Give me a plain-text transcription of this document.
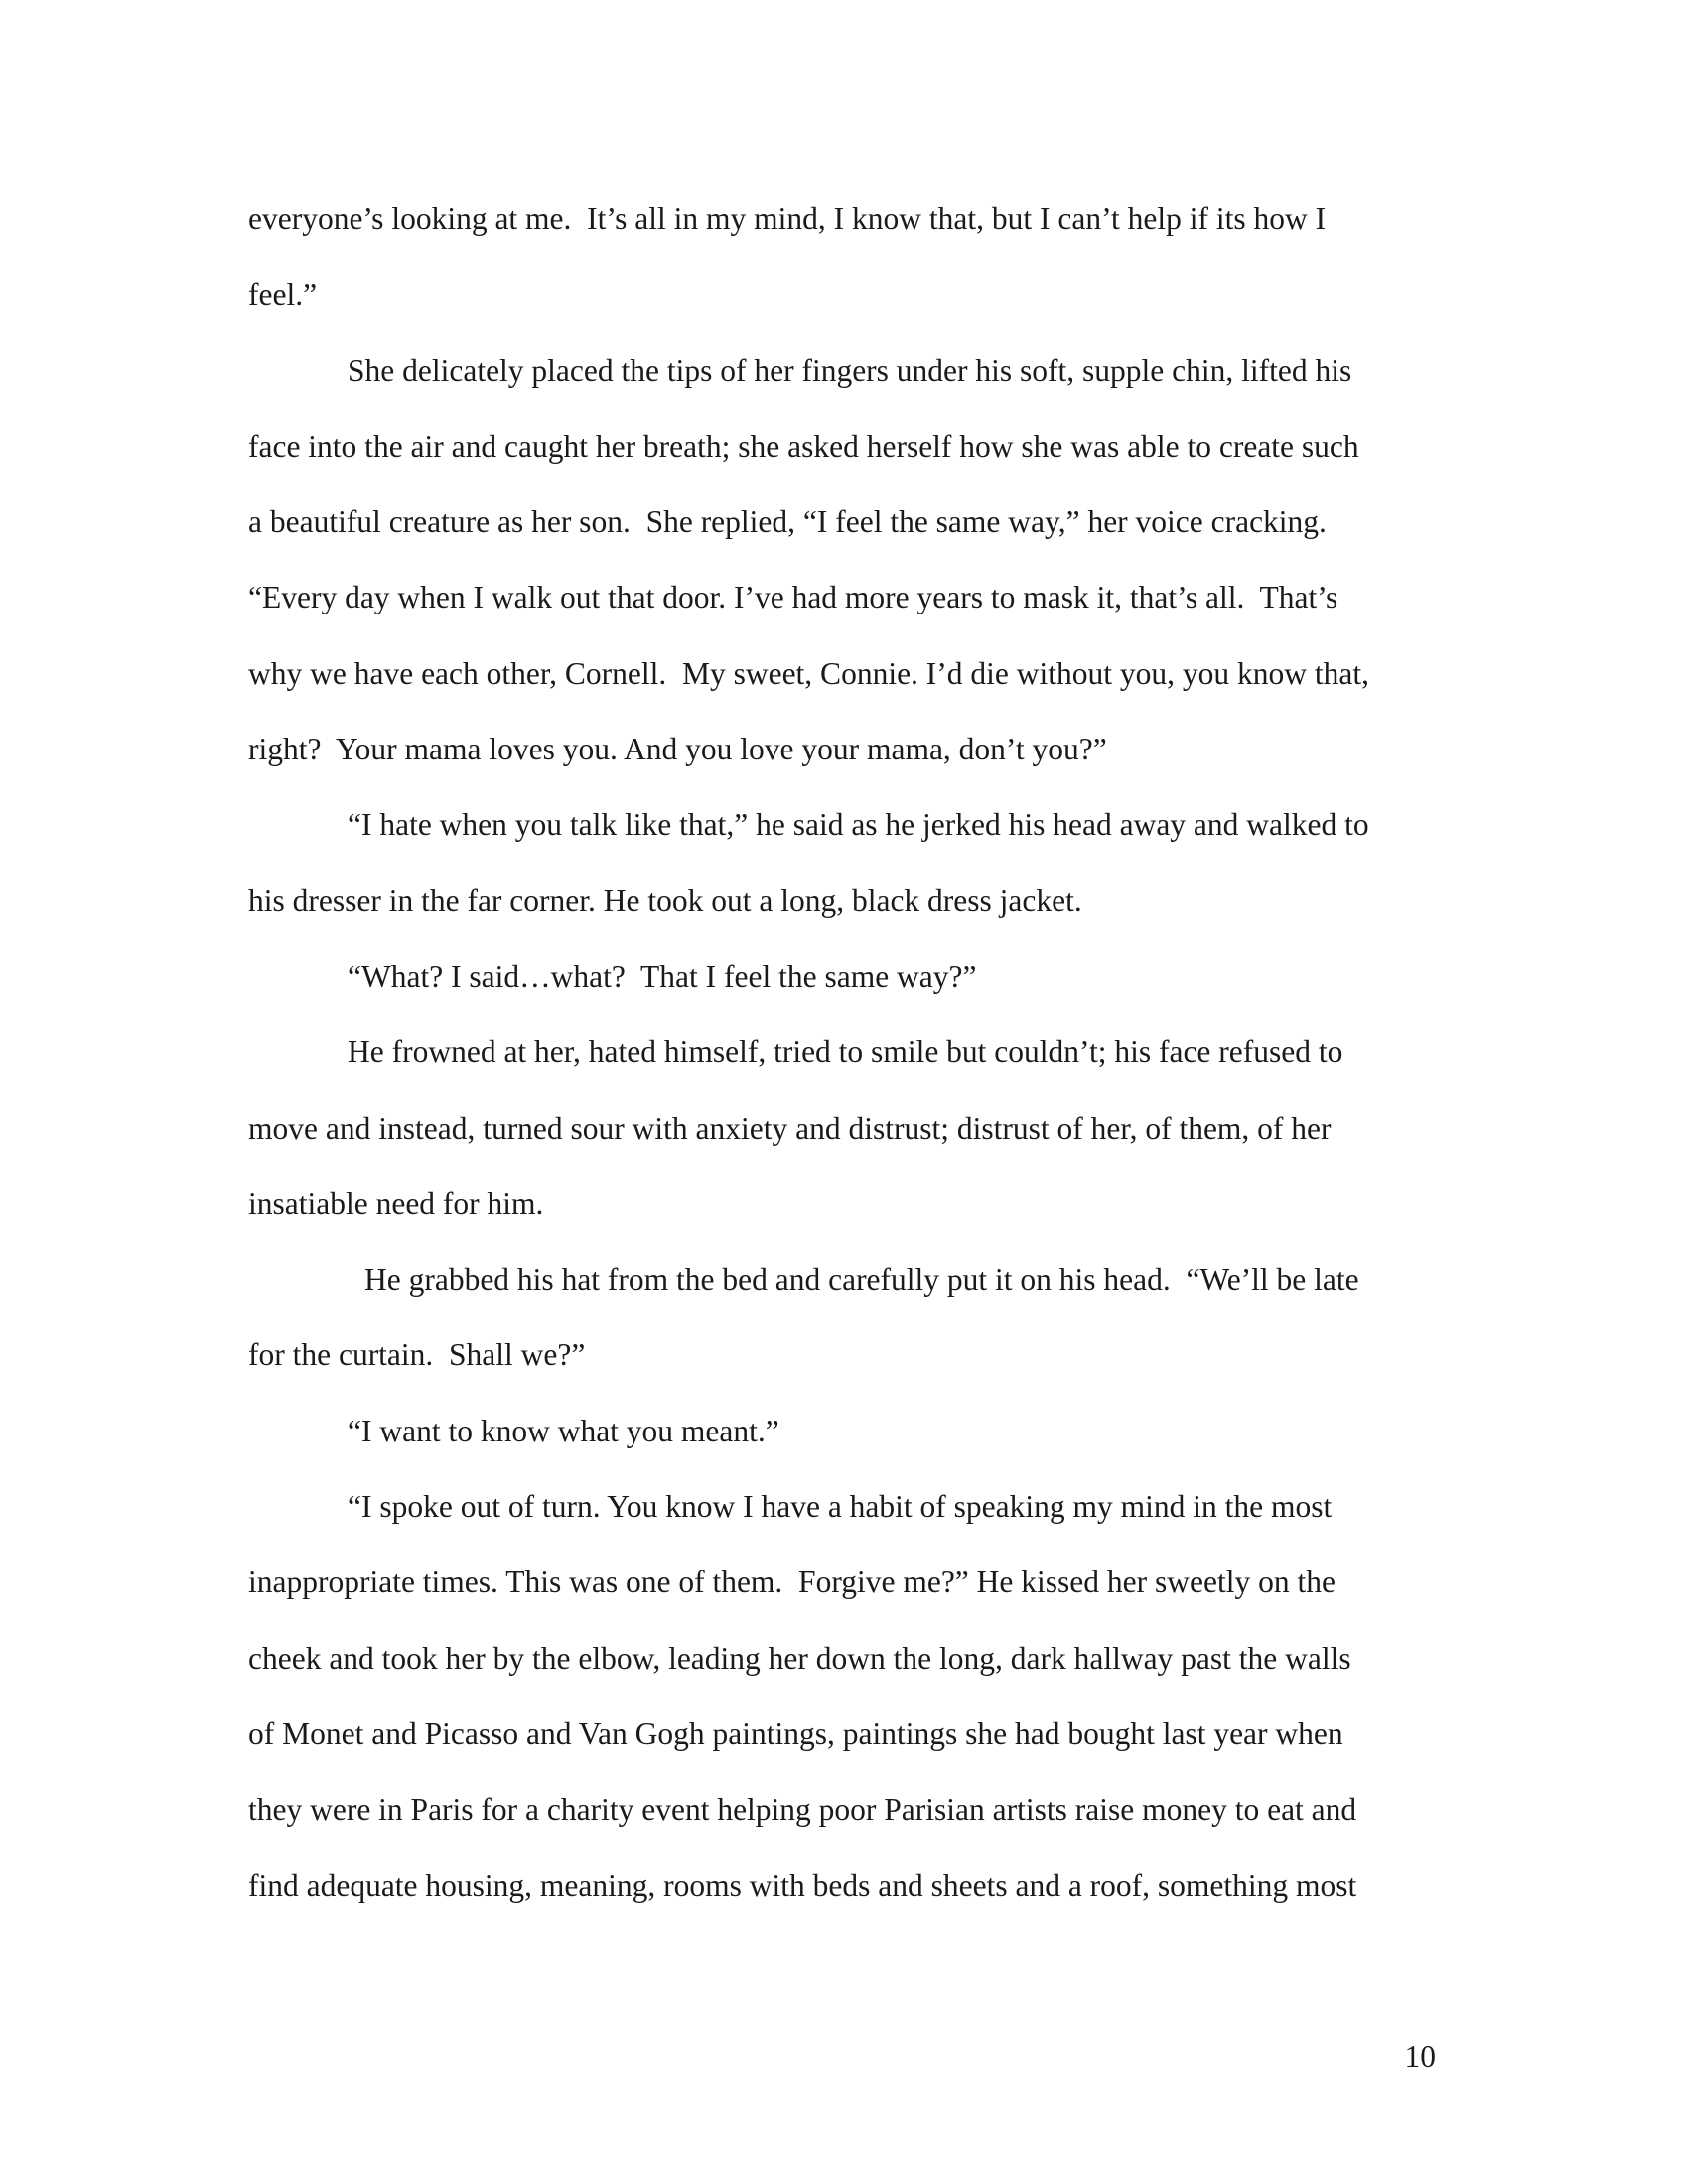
everyone’s looking at me.  It’s all in my mind, I know that, but I can’t help if its how I
feel.”
She delicately placed the tips of her fingers under his soft, supple chin, lifted his
face into the air and caught her breath; she asked herself how she was able to create such
a beautiful creature as her son.  She replied, “I feel the same way,” her voice cracking.
“Every day when I walk out that door. I’ve had more years to mask it, that’s all.  That’s
why we have each other, Cornell.  My sweet, Connie. I’d die without you, you know that,
right?  Your mama loves you. And you love your mama, don’t you?”
“I hate when you talk like that,” he said as he jerked his head away and walked to
his dresser in the far corner. He took out a long, black dress jacket.
“What? I said…what?  That I feel the same way?”
He frowned at her, hated himself, tried to smile but couldn’t; his face refused to
move and instead, turned sour with anxiety and distrust; distrust of her, of them, of her
insatiable need for him.
He grabbed his hat from the bed and carefully put it on his head.  “We’ll be late
for the curtain.  Shall we?”
“I want to know what you meant.”
“I spoke out of turn. You know I have a habit of speaking my mind in the most
inappropriate times. This was one of them.  Forgive me?” He kissed her sweetly on the
cheek and took her by the elbow, leading her down the long, dark hallway past the walls
of Monet and Picasso and Van Gogh paintings, paintings she had bought last year when
they were in Paris for a charity event helping poor Parisian artists raise money to eat and
find adequate housing, meaning, rooms with beds and sheets and a roof, something most
10
